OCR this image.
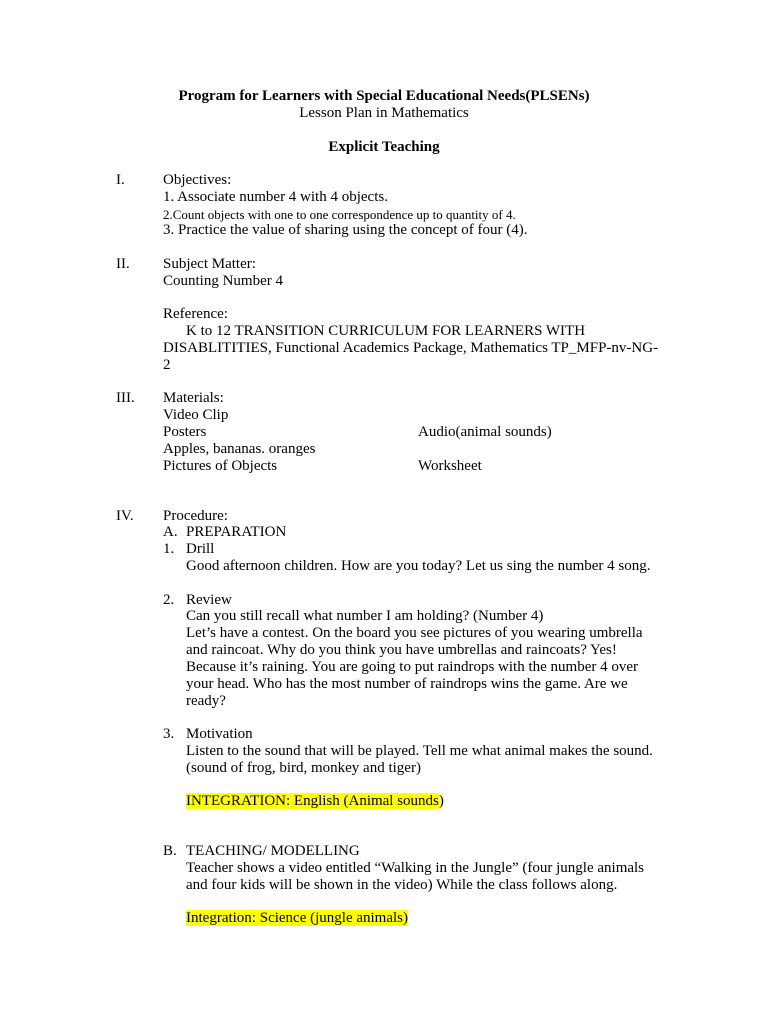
Program for Learners with Special Educational Needs(PLSENs)
Lesson Plan in Mathematics
Explicit Teaching
I.	Objectives:
1. Associate number 4 with 4 objects.
2.Count objects with one to one correspondence up to quantity of 4.
3. Practice the value of sharing using the concept of four (4).
II. Subject Matter:
Counting Number 4
Reference:
K to 12 TRANSITION CURRICULUM FOR LEARNERS WITH
DISABLITITIES, Functional Academics Package, Mathematics TP_MFP-nv-NG-
2
III. Materials:
Video Clip
Posters	Audio(animal sounds)
Apples, bananas. oranges
Pictures of Objects	Worksheet
IV. Procedure:
A. PREPARATION
1. Drill
Good afternoon children. How are you today? Let us sing the number 4 song.
2. Review
Can you still recall what number I am holding? (Number 4)
Let’s have a contest. On the board you see pictures of you wearing umbrella
and raincoat. Why do you think you have umbrellas and raincoats? Yes!
Because it’s raining. You are going to put raindrops with the number 4 over
your head. Who has the most number of raindrops wins the game. Are we
ready?
3. Motivation
Listen to the sound that will be played. Tell me what animal makes the sound.
(sound of frog, bird, monkey and tiger)
INTEGRATION: English (Animal sounds)
B. TEACHING/ MODELLING
Teacher shows a video entitled “Walking in the Jungle” (four jungle animals
and four kids will be shown in the video) While the class follows along.
Integration: Science (jungle animals)
